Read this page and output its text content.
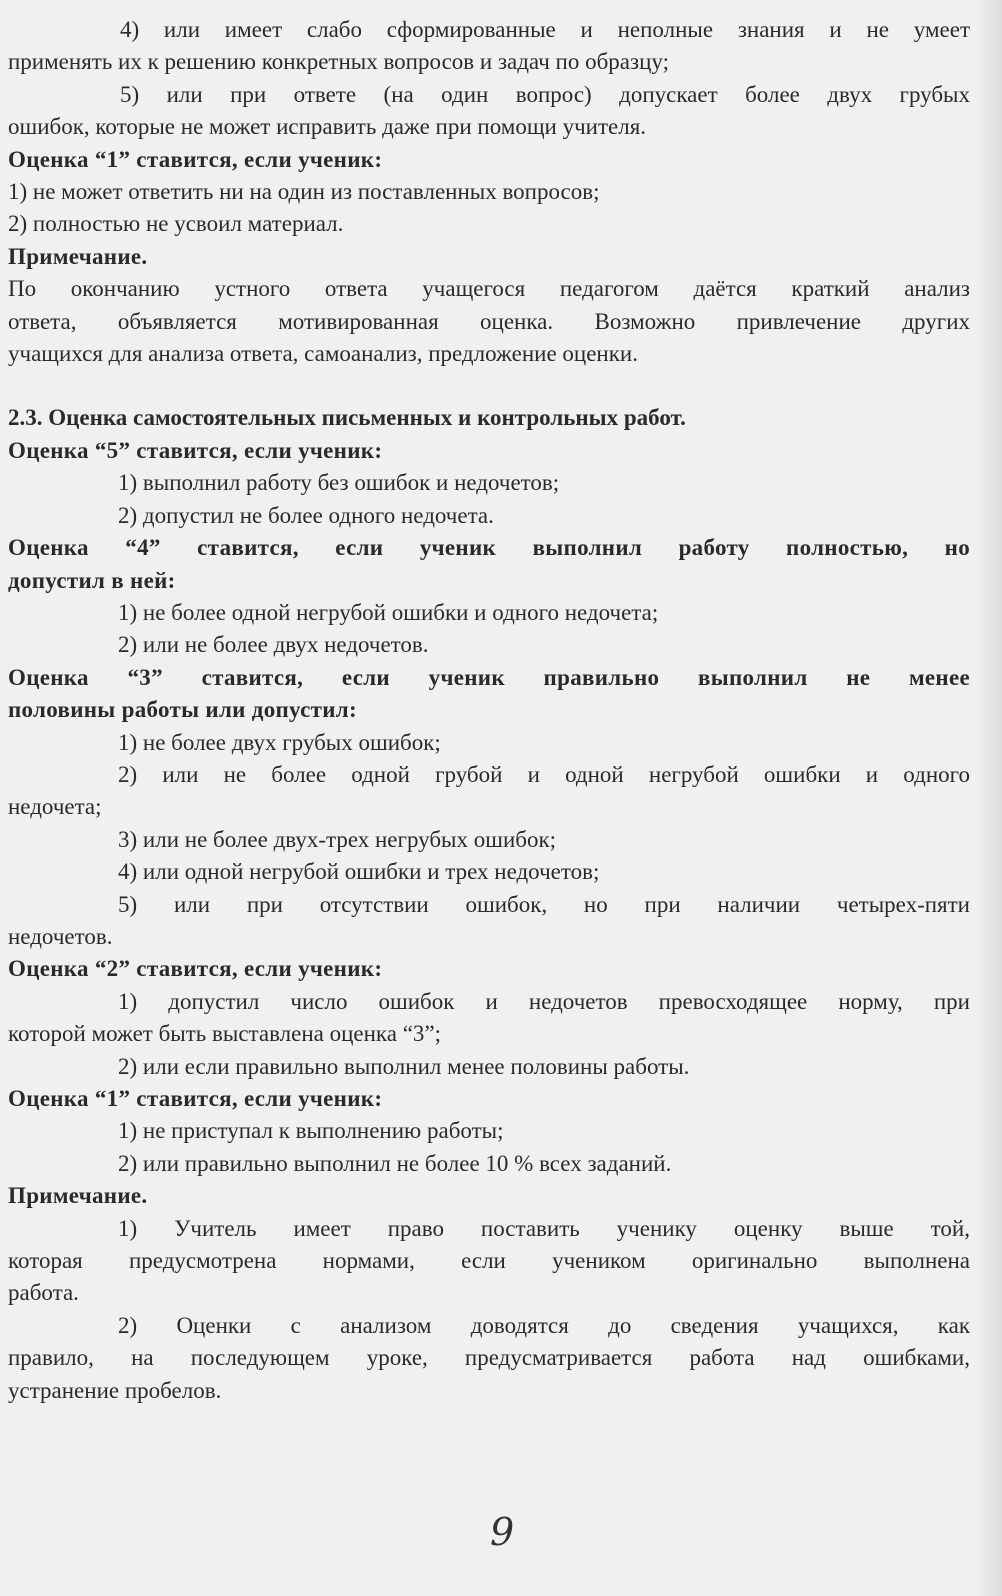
4) или имеет слабо сформированные и неполные знания и не умеет
применять их к решению конкретных вопросов и задач по образцу;
5) или при ответе (на один вопрос) допускает более двух грубых
ошибок, которые не может исправить даже при помощи учителя.
Оценка “1” ставится, если ученик:
1) не может ответить ни на один из поставленных вопросов;
2) полностью не усвоил материал.
Примечание.
По окончанию устного ответа учащегося педагогом даётся краткий анализ
ответа, объявляется мотивированная оценка. Возможно привлечение других
учащихся для анализа ответа, самоанализ, предложение оценки.
2.3. Оценка самостоятельных письменных и контрольных работ.
Оценка “5” ставится, если ученик:
1) выполнил работу без ошибок и недочетов;
2) допустил не более одного недочета.
Оценка “4” ставится, если ученик выполнил работу полностью, но
допустил в ней:
1) не более одной негрубой ошибки и одного недочета;
2) или не более двух недочетов.
Оценка “3” ставится, если ученик правильно выполнил не менее
половины работы или допустил:
1) не более двух грубых ошибок;
2) или не более одной грубой и одной негрубой ошибки и одного
недочета;
3) или не более двух-трех негрубых ошибок;
4) или одной негрубой ошибки и трех недочетов;
5) или при отсутствии ошибок, но при наличии четырех-пяти
недочетов.
Оценка “2” ставится, если ученик:
1) допустил число ошибок и недочетов превосходящее норму, при
которой может быть выставлена оценка “3”;
2) или если правильно выполнил менее половины работы.
Оценка “1” ставится, если ученик:
1) не приступал к выполнению работы;
2) или правильно выполнил не более 10 % всех заданий.
Примечание.
1) Учитель имеет право поставить ученику оценку выше той,
которая предусмотрена нормами, если учеником оригинально выполнена
работа.
2) Оценки с анализом доводятся до сведения учащихся, как
правило, на последующем уроке, предусматривается работа над ошибками,
устранение пробелов.
9
